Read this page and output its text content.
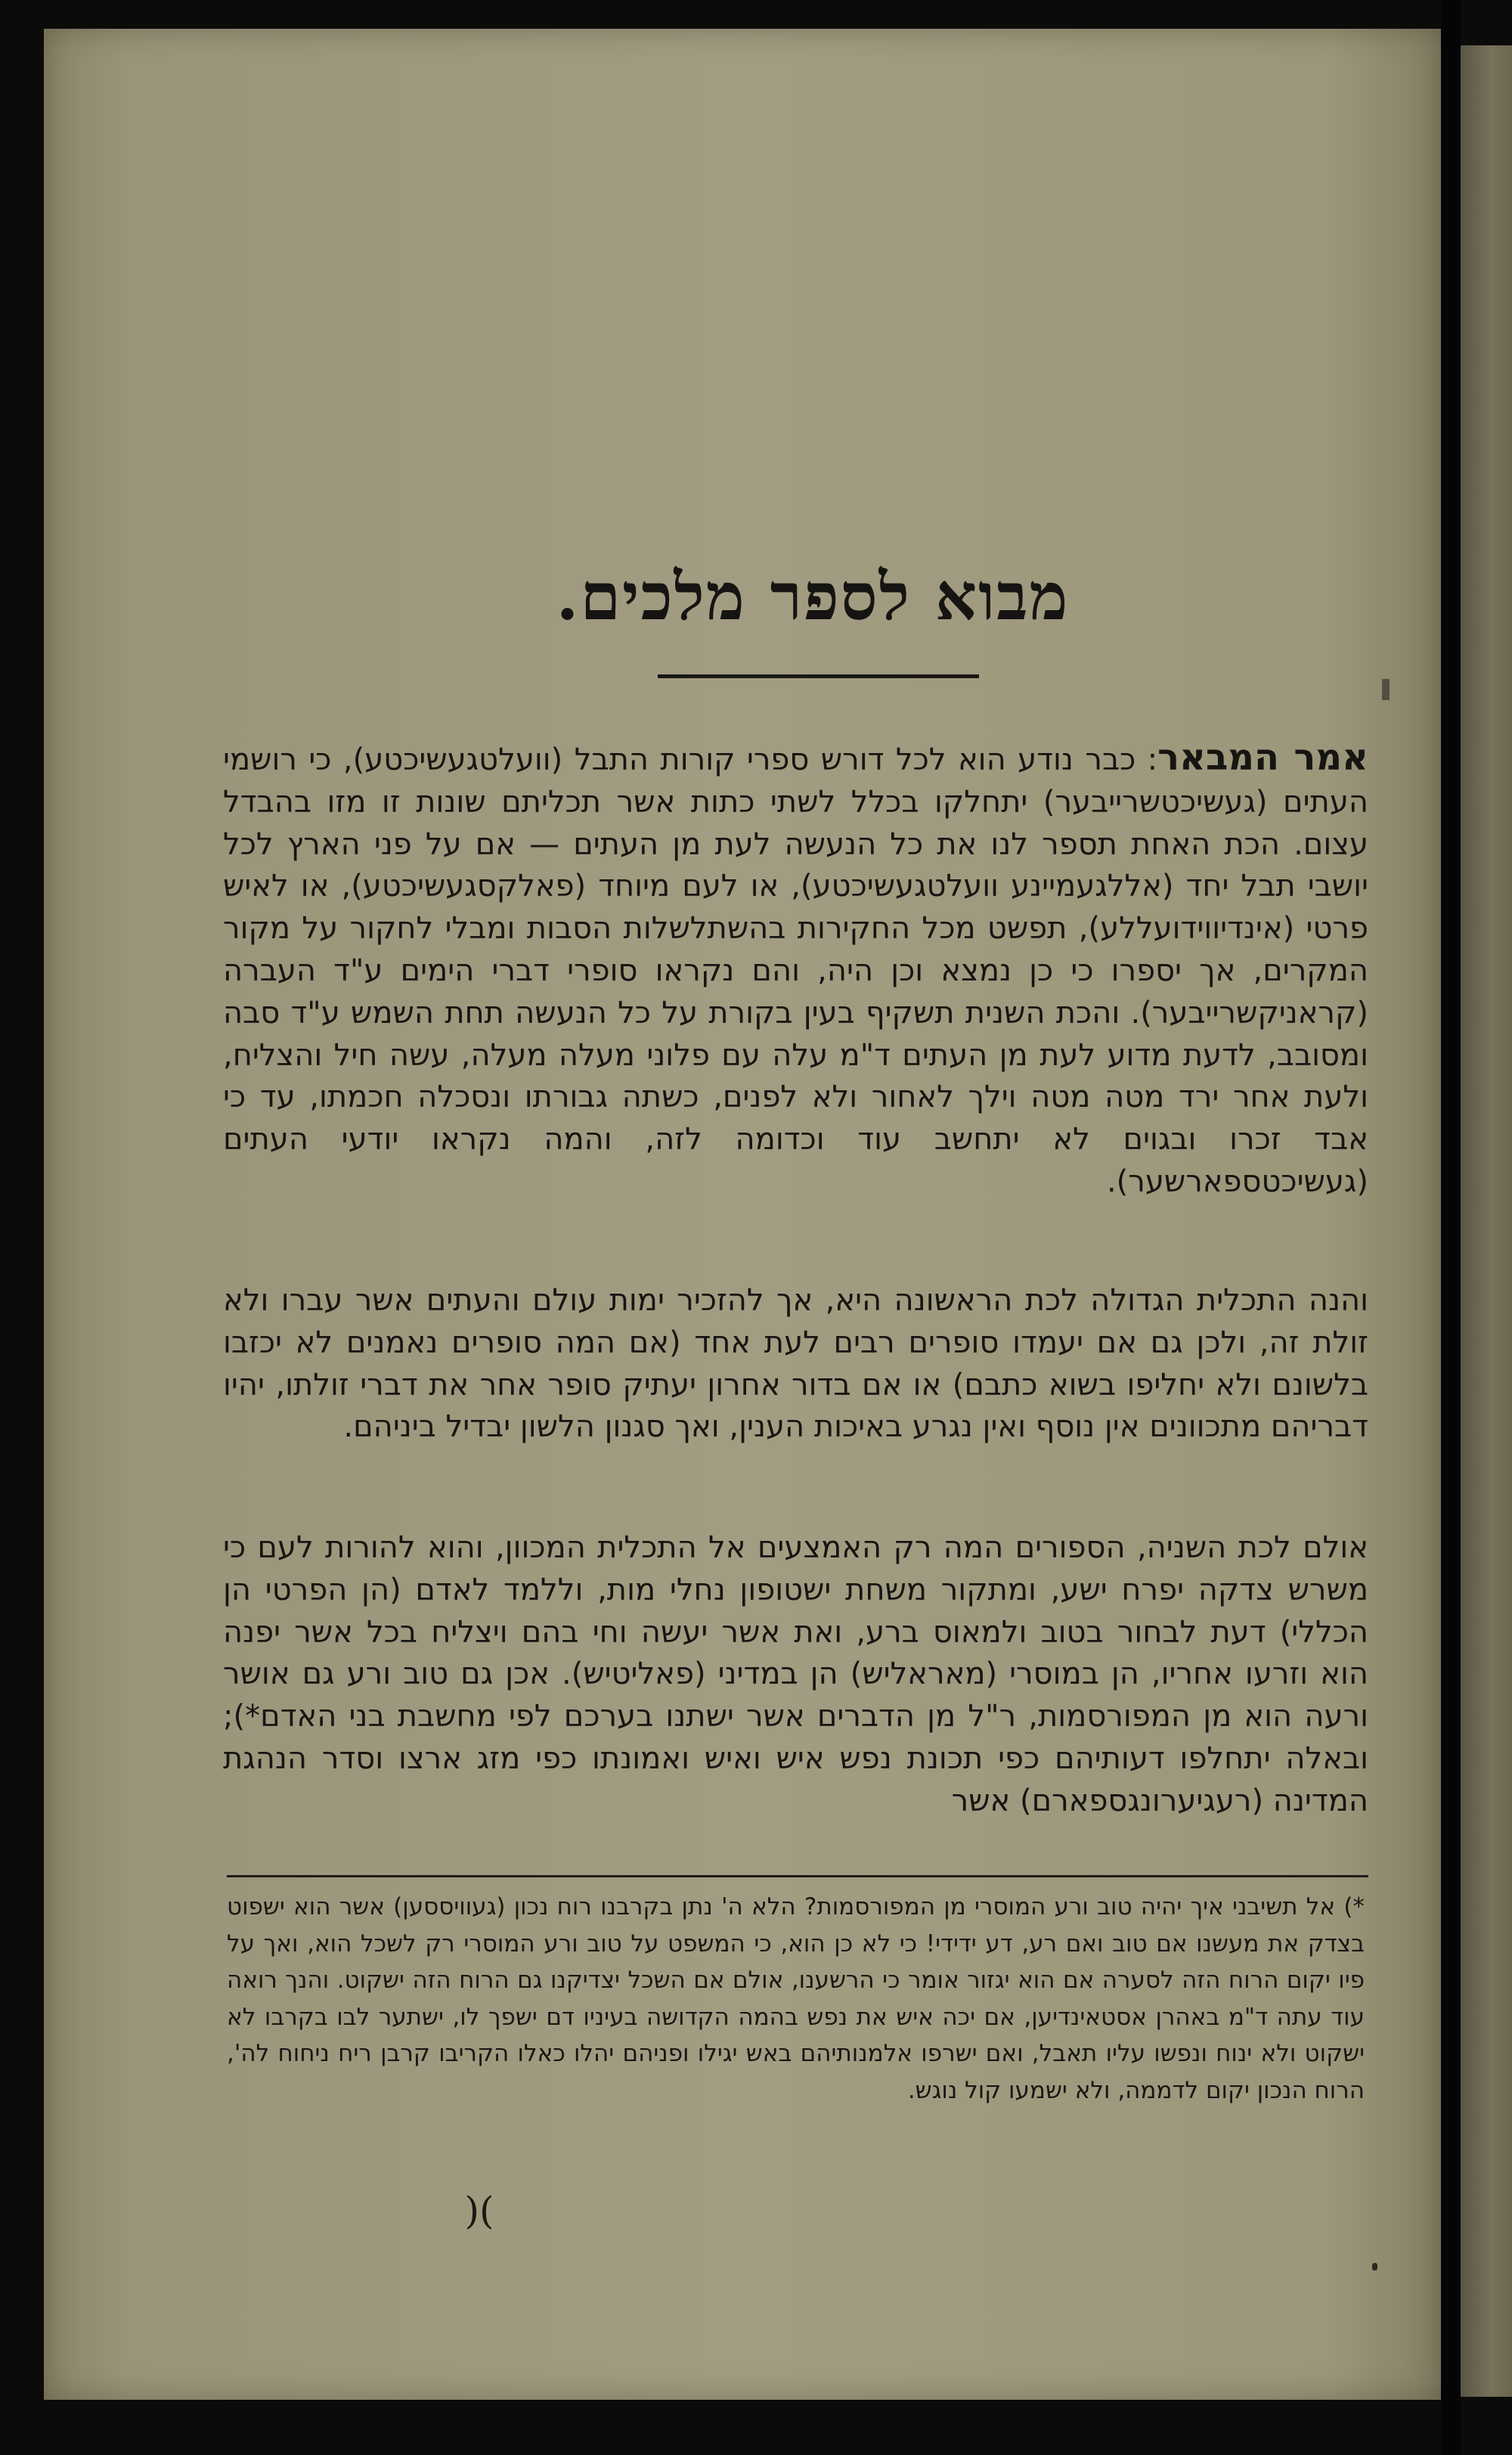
מבוא לספר מלכים.

אמר המבאר: כבר נודע הוא לכל דורש ספרי קורות התבל (וועלטגעשיכטע), כי רושמי העתים (געשיכטשרייבער) יתחלקו בכלל לשתי כתות אשר תכליתם שונות זו מזו בהבדל עצום. הכת האחת תספר לנו את כל הנעשה לעת מן העתים — אם על פני הארץ לכל יושבי תבל יחד (אללגעמיינע וועלטגעשיכטע), או לעם מיוחד (פאלקסגעשיכטע), או לאיש פרטי (אינדיווידועללע), תפשט מכל החקירות בהשתלשלות הסבות ומבלי לחקור על מקור המקרים, אך יספרו כי כן נמצא וכן היה, והם נקראו סופרי דברי הימים ע"ד העברה (קראניקשרייבער). והכת השנית תשקיף בעין בקורת על כל הנעשה תחת השמש ע"ד סבה ומסובב, לדעת מדוע לעת מן העתים ד"מ עלה עם פלוני מעלה מעלה, עשה חיל והצליח, ולעת אחר ירד מטה מטה וילך לאחור ולא לפנים, כשתה גבורתו ונסכלה חכמתו, עד כי אבד זכרו ובגוים לא יתחשב עוד וכדומה לזה, והמה נקראו יודעי העתים (געשיכטספארשער).

והנה התכלית הגדולה לכת הראשונה היא, אך להזכיר ימות עולם והעתים אשר עברו ולא זולת זה, ולכן גם אם יעמדו סופרים רבים לעת אחד (אם המה סופרים נאמנים לא יכזבו בלשונם ולא יחליפו בשוא כתבם) או אם בדור אחרון יעתיק סופר אחר את דברי זולתו, יהיו דבריהם מתכוונים אין נוסף ואין נגרע באיכות הענין, ואך סגנון הלשון יבדיל ביניהם.

אולם לכת השניה, הספורים המה רק האמצעים אל התכלית המכוון, והוא להורות לעם כי משרש צדקה יפרח ישע, ומתקור משחת ישטופון נחלי מות, וללמד לאדם (הן הפרטי הן הכללי) דעת לבחור בטוב ולמאוס ברע, ואת אשר יעשה וחי בהם ויצליח בכל אשר יפנה הוא וזרעו אחריו, הן במוסרי (מאראליש) הן במדיני (פאליטיש). אכן גם טוב ורע גם אושר ורעה הוא מן המפורסמות, ר"ל מן הדברים אשר ישתנו בערכם לפי מחשבת בני האדם*); ובאלה יתחלפו דעותיהם כפי תכונת נפש איש ואיש ואמונתו כפי מזג ארצו וסדר הנהגת המדינה (רעגיערונגספארם) אשר

*) אל תשיבני איך יהיה טוב ורע המוסרי מן המפורסמות? הלא ה' נתן בקרבנו רוח נכון (געוויססען) אשר הוא ישפוט בצדק את מעשנו אם טוב ואם רע, דע ידידי! כי לא כן הוא, כי המשפט על טוב ורע המוסרי רק לשכל הוא, ואך על פיו יקום הרוח הזה לסערה אם הוא יגזור אומר כי הרשענו, אולם אם השכל יצדיקנו גם הרוח הזה ישקוט. והנך רואה עוד עתה ד"מ באהרן אסטאינדיען, אם יכה איש את נפש בהמה הקדושה בעיניו דם ישפך לו, ישתער לבו בקרבו לא ישקוט ולא ינוח ונפשו עליו תאבל, ואם ישרפו אלמנותיהם באש יגילו ופניהם יהלו כאלו הקריבו קרבן ריח ניחוח לה', הרוח הנכון יקום לדממה, ולא ישמעו קול נוגש.
)(
